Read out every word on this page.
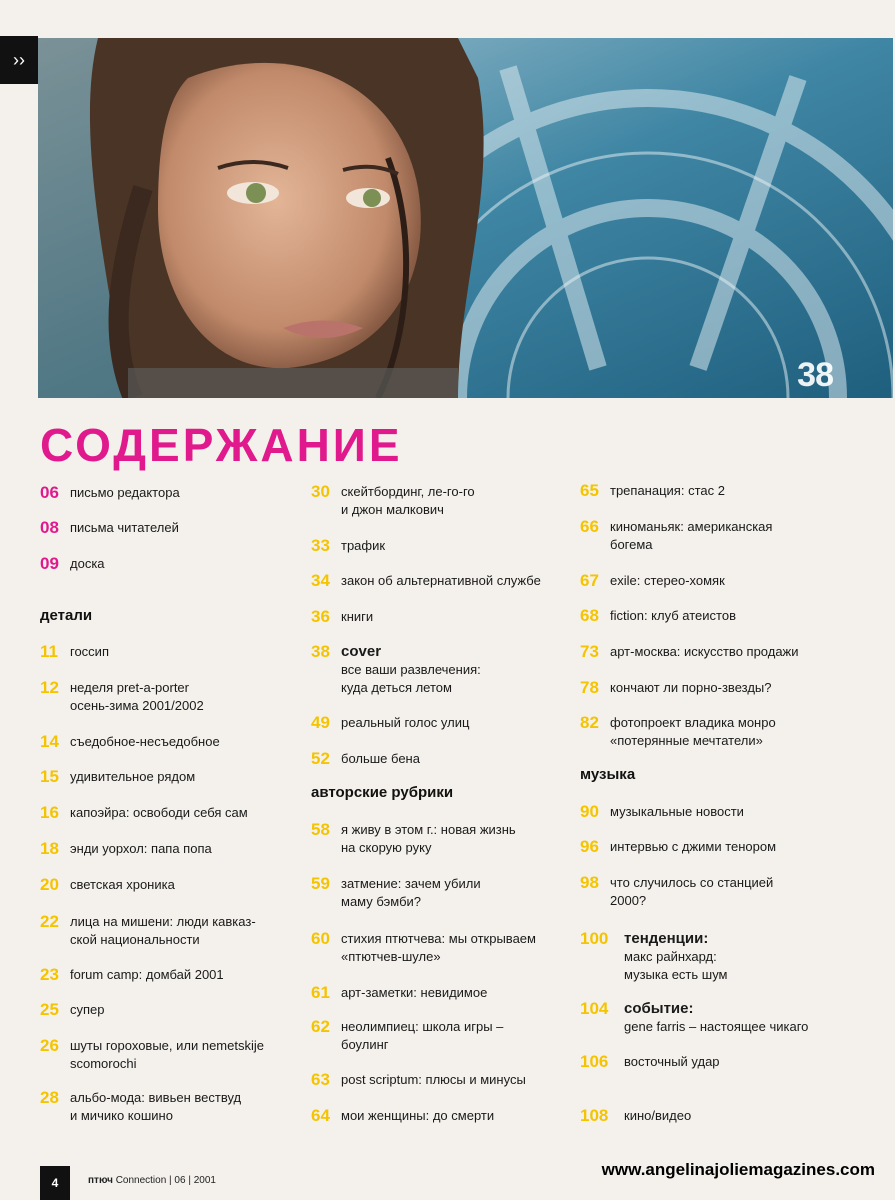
››
38
СОДЕРЖАНИЕ
06 письмо редактора
08 письма читателей
09 доска
детали
11 госсип
12 неделя pret-a-porter
осень-зима 2001/2002
14 съедобное-несъедобное
15 удивительное рядом
16 капоэйра: освободи себя сам
18 энди уорхол: папа попа
20 светская хроника
22 лица на мишени: люди кавказ-
ской национальности
23 forum camp: домбай 2001
25 супер
26 шуты гороховые, или nemetskije
scomorochi
28 альбо-мода: вивьен вествуд
и мичико кошино
30 скейтбординг, ле-го-го
и джон малкович
33 трафик
34 закон об альтернативной службе
36 книги
38 cover
все ваши развлечения:
куда деться летом
49 реальный голос улиц
52 больше бена
авторские рубрики
58 я живу в этом г.: новая жизнь
на скорую руку
59 затмение: зачем убили
маму бэмби?
60 стихия птютчева: мы открываем
«птютчев-шуле»
61 арт-заметки: невидимое
62 неолимпиец: школа игры –
боулинг
63 post scriptum: плюсы и минусы
64 мои женщины: до смерти
65 трепанация: стас 2
66 киноманьяк: американская
богема
67 exile: стерео-хомяк
68 fiction: клуб атеистов
73 арт-москва: искусство продажи
78 кончают ли порно-звезды?
82 фотопроект владика монро
«потерянные мечтатели»
музыка
90 музыкальные новости
96 интервью с джими тенором
98 что случилось со станцией
2000?
100	тенденции:
макс райнхард:
музыка есть шум
104	событие:
gene farris – настоящее чикаго
106	восточный удар
108	кино/видео
4	птюч Connection | 06 | 2001
www.angelinajoliemagazines.com
